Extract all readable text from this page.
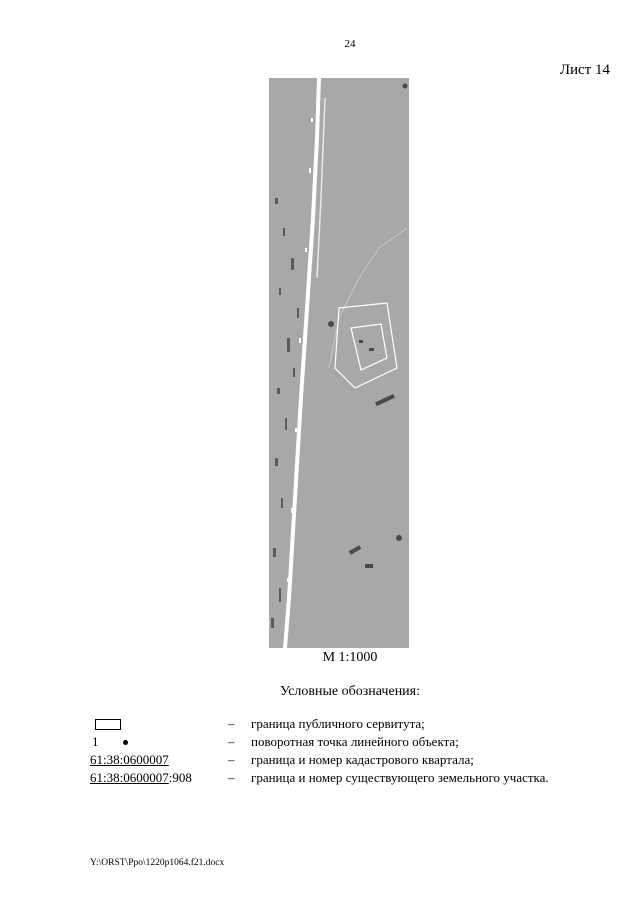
24
Лист 14
М 1:1000
Условные обозначения:
– граница публичного сервитута;
1	– поворотная точка линейного объекта;
61:38:0600007	– граница и номер кадастрового квартала;
61:38:0600007:908	– граница и номер существующего земельного участка.
Y:\ORST\Ppo\1220p1064.f21.docx
